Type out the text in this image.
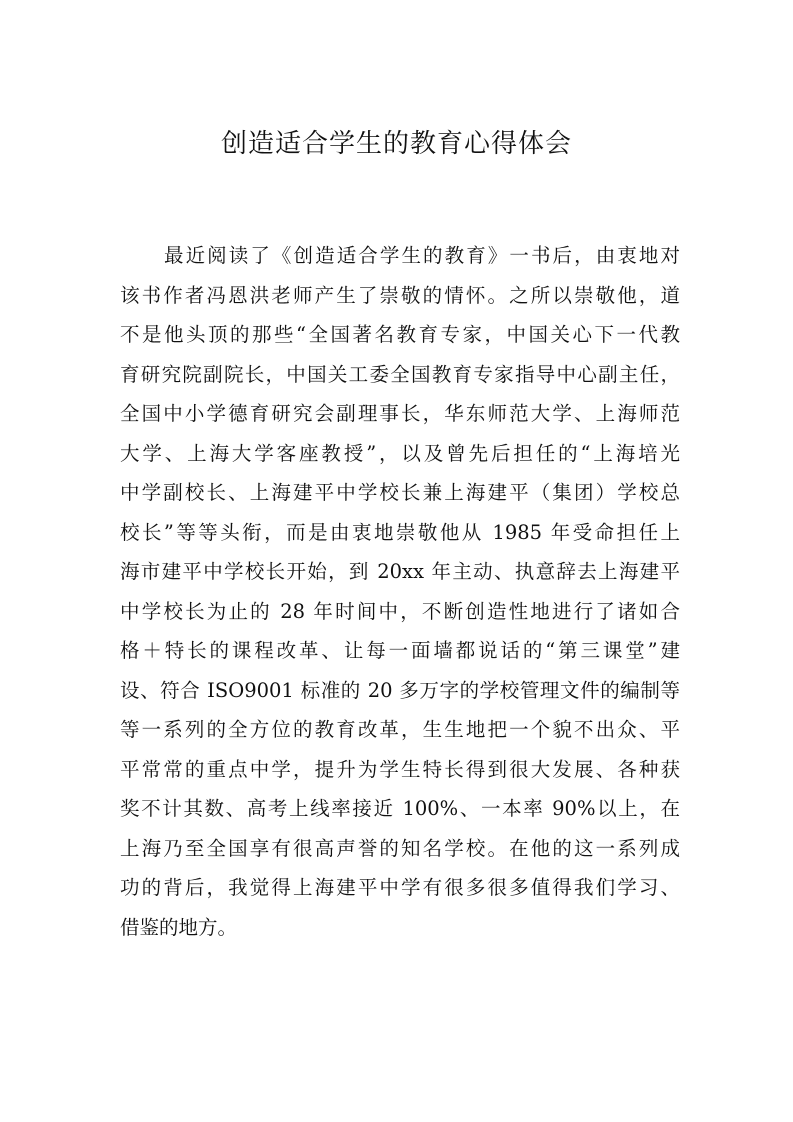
创造适合学生的教育心得体会
最近阅读了《创造适合学生的教育》一书后，由衷地对
该书作者冯恩洪老师产生了崇敬的情怀。之所以崇敬他，道
不是他头顶的那些“全国著名教育专家，中国关心下一代教
育研究院副院长，中国关工委全国教育专家指导中心副主任，
全国中小学德育研究会副理事长，华东师范大学、上海师范
大学、上海大学客座教授”，以及曾先后担任的“上海培光
中学副校长、上海建平中学校长兼上海建平（集团）学校总
校长”等等头衔，而是由衷地崇敬他从 1985 年受命担任上
海市建平中学校长开始，到 20xx 年主动、执意辞去上海建平
中学校长为止的 28 年时间中，不断创造性地进行了诸如合
格＋特长的课程改革、让每一面墙都说话的“第三课堂”建
设、符合 ISO9001 标准的 20 多万字的学校管理文件的编制等
等一系列的全方位的教育改革，生生地把一个貌不出众、平
平常常的重点中学，提升为学生特长得到很大发展、各种获
奖不计其数、高考上线率接近 100%、一本率 90%以上，在
上海乃至全国享有很高声誉的知名学校。在他的这一系列成
功的背后，我觉得上海建平中学有很多很多值得我们学习、
借鉴的地方。
